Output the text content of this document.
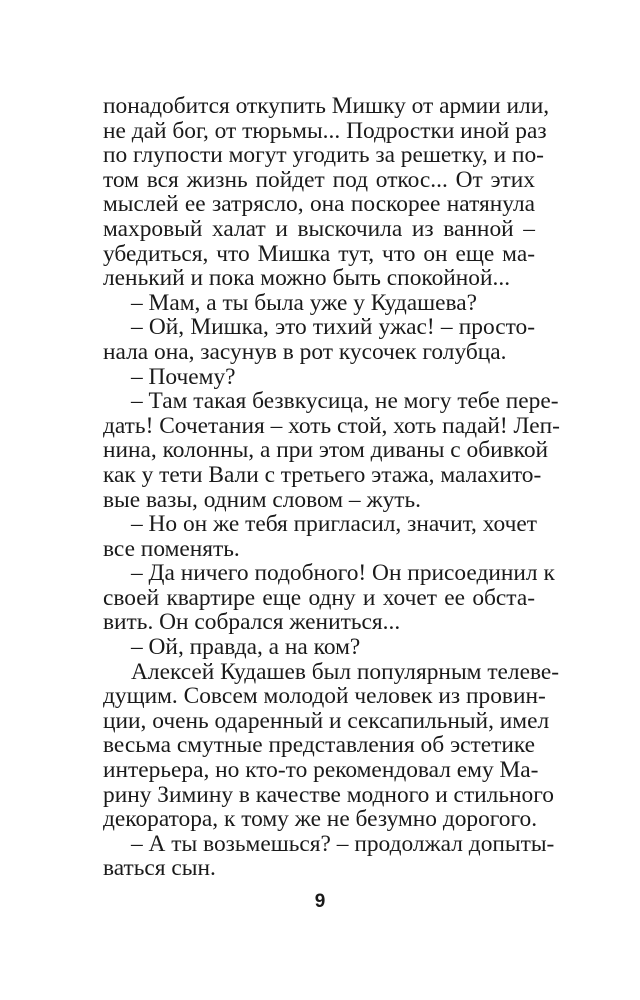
понадобится откупить Мишку от армии или,
не дай бог, от тюрьмы... Подростки иной раз
по глупости могут угодить за решетку, и по-
том вся жизнь пойдет под откос... От этих
мыслей ее затрясло, она поскорее натянула
махровый халат и выскочила из ванной –
убедиться, что Мишка тут, что он еще ма-
ленький и пока можно быть спокойной...
– Мам, а ты была уже у Кудашева?
– Ой, Мишка, это тихий ужас! – просто-
нала она, засунув в рот кусочек голубца.
– Почему?
– Там такая безвкусица, не могу тебе пере-
дать! Сочетания – хоть стой, хоть падай! Леп-
нина, колонны, а при этом диваны с обивкой
как у тети Вали с третьего этажа, малахито-
вые вазы, одним словом – жуть.
– Но он же тебя пригласил, значит, хочет
все поменять.
– Да ничего подобного! Он присоединил к
своей квартире еще одну и хочет ее обста-
вить. Он собрался жениться...
– Ой, правда, а на ком?
Алексей Кудашев был популярным телеве-
дущим. Совсем молодой человек из провин-
ции, очень одаренный и сексапильный, имел
весьма смутные представления об эстетике
интерьера, но кто-то рекомендовал ему Ма-
рину Зимину в качестве модного и стильного
декоратора, к тому же не безумно дорогого.
– А ты возьмешься? – продолжал допыты-
ваться сын.
9
